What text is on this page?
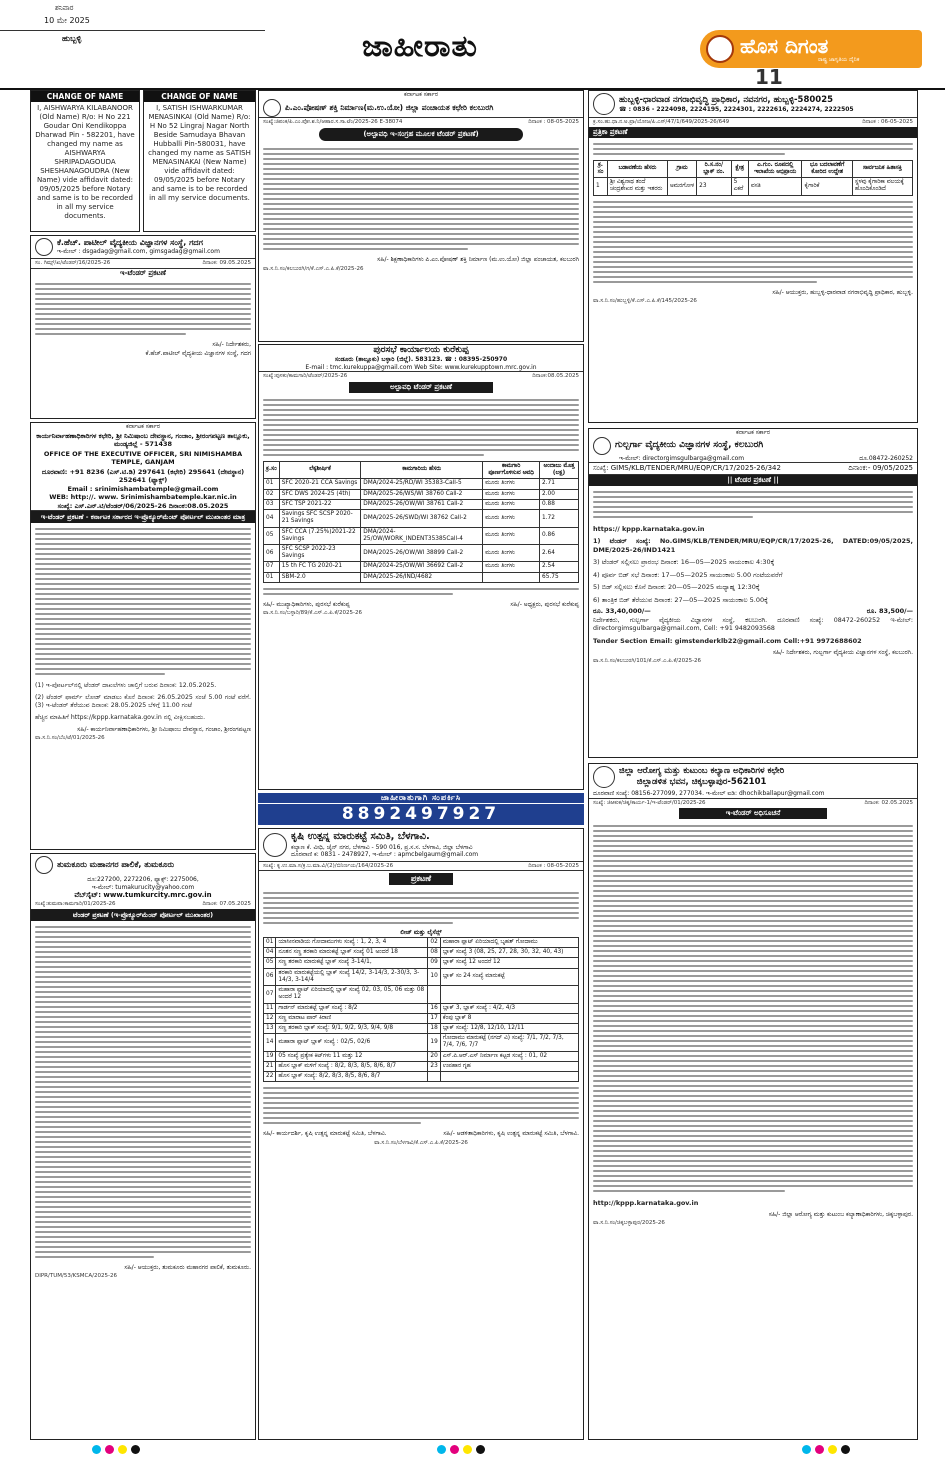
ಶನಿವಾರ
10 ಮೇ 2025
ಹುಬ್ಬಳ್ಳಿ	ಜಾಹೀರಾತು	ಹೊಸ ದಿಗಂತ
ರಾಷ್ಟ್ರ ಜಾಗೃತಿಯ ದೈನಿಕ
11
CHANGE OF NAME
I, AISHWARYA KILABANOOR (Old Name) R/o: H No 221 Goudar Oni Kendikoppa Dharwad Pin - 582201, have changed my name as AISHWARYA SHRIPADAGOUDA SHESHANAGOUDRA (New Name) vide affidavit dated: 09/05/2025 before Notary and same is to be recorded in all my service documents.
CHANGE OF NAME
I, SATISH ISHWARKUMAR MENASINKAI (Old Name) R/o: H No 52 Lingraj Nagar North Beside Samudaya Bhavan Hubballi Pin-580031, have changed my name as SATISH MENASINAKAI (New Name) vide affidavit dated: 09/05/2025 before Notary and same is to be recorded in all my service documents.
ಕೆ.ಹೆಚ್. ಪಾಟೀಲ್ ವೈದ್ಯಕೀಯ ವಿಜ್ಞಾನಗಳ ಸಂಸ್ಥೆ, ಗದಗ
ಇ-ಮೇಲ್ : dsgadag@gmail.com, gimsgadag@gmail.com
ಸಂ. ಗಿಮ್ಸ್/ಖ/ಟೆಂಡರ್/16/2025-26	ದಿನಾಂಕ: 09.05.2025
ಇ-ಟೆಂಡರ್ ಪ್ರಕಟಣೆ
ಸಹಿ/- ನಿರ್ದೇಶಕರು,
ಕೆ.ಹೆಚ್.ಪಾಟೀಲ್ ವೈದ್ಯಕೀಯ ವಿಜ್ಞಾನಗಳ ಸಂಸ್ಥೆ, ಗದಗ
ಕರ್ನಾಟಕ ಸರ್ಕಾರ
ಕಾರ್ಯನಿರ್ವಾಹಣಾಧಿಕಾರಿಗಳ ಕಛೇರಿ, ಶ್ರೀ ನಿಮಿಷಾಂಬ ದೇವಸ್ಥಾನ, ಗಂಜಾಂ, ಶ್ರೀರಂಗಪಟ್ಟಣ ತಾಲ್ಲೂಕು, ಮಂಡ್ಯಜಿಲ್ಲೆ - 571438
OFFICE OF THE EXECUTIVE OFFICER, SRI NIMISHAMBA TEMPLE, GANJAM
ದೂರವಾಣಿ: +91 8236 (ಎಸ್.ಟಿ.ಡಿ) 297641 (ಕಛೇರಿ) 295641 (ದೇವಸ್ಥಾನ) 252641 (ಫ್ಯಾಕ್ಸ್)
Email : srinimishambatemple@gmail.com
WEB: http://. www. Srinimishambatemple.kar.nic.in
ಸಂಖ್ಯೆ: ಎಸ್.ಎನ್.ಟಿ/ಟೆಂಡರ್/06/2025-26 ದಿನಾಂಕ:08.05.2025
ಇ-ಟೆಂಡರ್ ಪ್ರಕಟಣೆ - ಕರ್ನಾಟಕ ಸರ್ಕಾರದ ಇ-ಪ್ರೊಕ್ಯೂರ್‌ಮೆಂಟ್ ಪೋರ್ಟಲ್ ಮುಖಾಂತರ ಮಾತ್ರ
(1) ಇ-ಪೋರ್ಟಲ್‌ನಲ್ಲಿ ಟೆಂಡರ್ ದಾಖಲೆಗಳು ಚಾಲ್ತಿಗೆ ಬರುವ ದಿನಾಂಕ: 12.05.2025.
(2) ಟೆಂಡರ್ ಫಾರ್ಮ್ ಲೋಡ್ ಮಾಡಲು ಕೊನೆ ದಿನಾಂಕ: 26.05.2025 ಸಂಜೆ 5.00 ಗಂಟೆ ವರೆಗೆ. (3) ಇ-ಟೆಂಡರ್ ತೆರೆಯುವ ದಿನಾಂಕ: 28.05.2025 ಬೆಳಿಗ್ಗೆ 11.00 ಗಂಟೆ
ಹೆಚ್ಚಿನ ಮಾಹಿತಿಗೆ https://kppp.karnataka.gov.in ನಲ್ಲಿ ವೀಕ್ಷಿಸಬಹುದು.
ಸಹಿ/- ಕಾರ್ಯನಿರ್ವಾಹಣಾಧಿಕಾರಿಗಳು, ಶ್ರೀ ನಿಮಿಷಾಂಬ ದೇವಸ್ಥಾನ, ಗಂಜಾಂ, ಶ್ರೀರಂಗಪಟ್ಟಣ
ವಾ.ಸ.ನಿ.ಸಂ/ಬೆಂ/ಟೆ/01/2025-26
ತುಮಕೂರು ಮಹಾನಗರ ಪಾಲಿಕೆ, ತುಮಕೂರು
ದೂ:227200, 2272206, ಫ್ಯಾಕ್ಸ್: 2275006,
ಇ-ಮೇಲ್: tumakurucity@yahoo.com
ವೆಬ್‌ಸೈಟ್: www.tumkurcity.mrc.gov.in
ಸಂಖ್ಯೆ:ತುಮಪಾ:ಕಾಮಗಾರಿ/01/2025-26	ದಿನಾಂಕ: 07.05.2025
ಟೆಂಡರ್ ಪ್ರಕಟಣೆ (ಇ-ಪ್ರೊಕ್ಯೂರ್‌ಮೆಂಟ್ ಪೋರ್ಟಲ್ ಮುಖಾಂತರ)
ಸಹಿ/- ಆಯುಕ್ತರು, ತುಮಕೂರು ಮಹಾನಗರ ಪಾಲಿಕೆ, ತುಮಕೂರು.
DIPR/TUM/53/KSMCA/2025-26
ಕರ್ನಾಟಕ ಸರ್ಕಾರ
ಪಿ.ಎಂ.ಪೋಷಣ್ ಶಕ್ತಿ ನಿರ್ಮಾಣ(ಮ.ಉ.ಯೋ) ಜಿಲ್ಲಾ ಪಂಚಾಯತ ಕಛೇರಿ ಕಲಬುರಗಿ
ಸಂಖ್ಯೆ:ಜಿಪಂಕ/ಪಿ.ಎಂ.ಪೋ.ಶ.ನಿ/ಆಹಾರ.ಸ.ಸಾ.ಟೆಂ/2025-26 E-38074	ದಿನಾಂಕ : 08-05-2025
(ಅಲ್ಪಾವಧಿ ಇ-ಸಂಗ್ರಹ ಮೂಲಕ ಟೆಂಡರ್ ಪ್ರಕಟಣೆ)
ಸಹಿ/- ಶಿಕ್ಷಣಾಧಿಕಾರಿಗಳು ಪಿ.ಎಂ.ಪೋಷಣ್ ಶಕ್ತಿ ನಿರ್ಮಾಣ (ಮ.ಉ.ಯೋ) ಜಿಲ್ಲಾ ಪಂಚಾಯತ, ಕಲಬುರಗಿ
ವಾ.ಸ.ನಿ.ಸಂ/ಕಲಬುರಗಿ/ಗ/ಕೆ.ಎಸ್.ಎ.ಪಿ.ಕೆ/2025-26
ಪುರಸಭೆ ಕಾರ್ಯಾಲಯ ಕುರೆಕುಪ್ಪ
ಸಂಡೂರು (ತಾಲ್ಲೂಕು) ಬಳ್ಳಾರಿ (ಜಿಲ್ಲೆ). 583123. ☎ : 08395-250970
E-mail : tmc.kurekuppa@gmail.com Web Site: www.kurekupptown.mrc.gov.in
ಸಂಖ್ಯೆ:ಪುಸಕು/ಕಾಮಗಾರಿ/ಟೆಂಡರ್/2025-26	ದಿನಾಂಕ:08.05.2025
ಅಲ್ಪಾವಧಿ ಟೆಂಡರ್ ಪ್ರಕಟಣೆ
ಕ್ರ.ಸಂ	ಲೆಕ್ಕಶೀರ್ಷಿಕೆ	ಕಾಮಗಾರಿಯ ಹೆಸರು	ಕಾಮಗಾರಿ ಪೂರ್ಣಗೊಳಿಸುವ ಅವಧಿ	ಅಂದಾಜು ಮೊತ್ತ (ಲಕ್ಷ)
01	SFC 2020-21 CCA Savings	DMA/2024-25/RD/WI 35383-Call-5	ಮೂರು ತಿಂಗಳು	2.71
02	SFC DWS 2024-25 (4th)	DMA/2025-26/WS/WI 38760 Call-2	ಮೂರು ತಿಂಗಳು	2.00
03	SFC TSP 2021-22	DMA/2025-26/OW/WI 38761 Call-2	ಮೂರು ತಿಂಗಳು	0.88
04	Savings SFC SCSP 2020-21 Savings	DMA/2025-26/SWD/WI 38762 Call-2	ಮೂರು ತಿಂಗಳು	1.72
05	SFC CCA (7.25%)2021-22 Savings	DMA/2024-25/OW/WORK_INDENT35385Call-4	ಮೂರು ತಿಂಗಳು	0.86
06	SFC SCSP 2022-23 Savings	DMA/2025-26/OW/WI 38899 Call-2	ಮೂರು ತಿಂಗಳು	2.64
07	15 th FC TG 2020-21	DMA/2024-25/OW/WI 36692 Call-2	ಮೂರು ತಿಂಗಳು	2.54
01	SBM-2.0	DMA/2025-26/IND/4682		65.75
ಸಹಿ/- ಮುಖ್ಯಾಧಿಕಾರಿಗಳು, ಪುರಸಭೆ ಕುರೆಕುಪ್ಪ	ಸಹಿ/- ಅಧ್ಯಕ್ಷರು, ಪುರಸಭೆ ಕುರೆಕುಪ್ಪ
ವಾ.ಸ.ನಿ.ಸಂ/ಬಳ್ಳಾರಿ/89/ಕೆ.ಎಸ್.ಎ.ಪಿ.ಕೆ/2025-26
ಜಾಹೀರಾತುಗಾಗಿ ಸಂಪರ್ಕಿಸಿ
8892497927
ಕೃಷಿ ಉತ್ಪನ್ನ ಮಾರುಕಟ್ಟೆ ಸಮಿತಿ, ಬೆಳಗಾವಿ.
ಕಲ್ಯಾಣ ಕೆ. ವೀಧಿ, ಜೈನ್ ನಗರ, ಬೆಳಗಾವಿ - 590 016, ಪ್ರ.ಸ.ಸ. ಬೆಳಗಾವಿ, ಜಿಲ್ಲಾ ಬೆಳಗಾವಿ
ದೂರವಾಣಿ ಕ: 0831 - 2478927, ಇ-ಮೇಲ್ : apmcbelgaum@gmail.com
ಸಂಖ್ಯೆ: ಕೃ.ಉ.ಮಾ.ಸ/ಕ್ರ.ಬ.ಮಾ.ವಿ/(2)/ಬಿನಿರ್ಣಯ/164/2025-26	ದಿನಾಂಕ : 08-05-2025
ಪ್ರಕಟಣೆ
ಲೀಜ್ ಮತ್ತು ಲೈಸೆನ್ಸ್
01	ಯಾಸೀನವಾಡಿಯ ಗೋದಾಮುಗಳು ಸಂಖ್ಯೆ : 1, 2, 3, 4	02	ಮಹಾರಾ ಪ್ಲಾಟ್ ಏರಿಯಾದಲ್ಲಿ ಬೃಹತ್ ಗೋದಾಮು
04	ನೂತನ ಸಣ್ಣ ತರಕಾರಿ ಮಾರುಕಟ್ಟೆ ಬ್ಲಾಕ್ ಸಂಖ್ಯೆ 01 ಅಂದರೆ 18	08	ಬ್ಲಾಕ್ ಸಂಖ್ಯೆ 3 (08, 25, 27, 28, 30, 32, 40, 43)
05	ಸಣ್ಣ ತರಕಾರಿ ಮಾರುಕಟ್ಟೆ ಬ್ಲಾಕ್ ಸಂಖ್ಯೆ 3-14/1,	09	ಬ್ಲಾಕ್ ಸಂಖ್ಯೆ 12 ಅಂದರೆ 12
06	ತರಕಾರಿ ಮಾರುಕಟ್ಟೆಯಲ್ಲಿ ಬ್ಲಾಕ್ ಸಂಖ್ಯೆ 14/2, 3-14/3, 2-30/3, 3-14/3, 3-14/4	10	ಬ್ಲಾಕ್ ಸಂ 24 ಸಂಖ್ಯೆ ಮಾರುಕಟ್ಟೆ
07	ಮಹಾರಾ ಪ್ಲಾಟ್ ಏರಿಯಾದಲ್ಲಿ ಬ್ಲಾಕ್ ಸಂಖ್ಯೆ 02, 03, 05, 06 ಮತ್ತು 08 ಅಂದರೆ 12		
11	ಗಾರ್ಡನ್ ಮಾರುಕಟ್ಟೆ ಬ್ಲಾಕ್ ಸಂಖ್ಯೆ : 8/2	16	ಬ್ಲಾಕ್ 3, ಬ್ಲಾಕ್ ಸಂಖ್ಯೆ : 4/2, 4/3
12	ಸಣ್ಣ ಮಾರಾಟ ಪಾರ್ ಕಿರಾಣಿ	17	ಕೆಂಪು ಬ್ಲಾಕ್ 8
13	ಸಣ್ಣ ತರಕಾರಿ ಬ್ಲಾಕ್ ಸಂಖ್ಯೆ: 9/1, 9/2, 9/3, 9/4, 9/8	18	ಬ್ಲಾಕ್ ಸಂಖ್ಯೆ: 12/8, 12/10, 12/11
14	ಮಹಾರಾ ಪ್ಲಾಟ್ ಬ್ಲಾಕ್ ಸಂಖ್ಯೆ : 02/5, 02/6	19	ಗೋದಾಮು ಮಾರುಕಟ್ಟೆ (ನಗದ್ ವಿ) ಸಂಖ್ಯೆ: 7/1, 7/2, 7/3, 7/4, 7/6, 7/7
19	05 ಸಂಖ್ಯೆ ಪ್ರತ್ಯೇಕ ಕಿಟ್‌ಗಳು 11 ಮತ್ತು 12	20	ಎಸ್.ಪಿ.ಆರ್.ಎಸ್ ನಿರ್ಮಾಣ ಕಟ್ಟಡ ಸಂಖ್ಯೆ : 01, 02
21	ಹೊಸ ಬ್ಲಾಕ್ ಮಳಿಗೆ ಸಂಖ್ಯೆ : 8/2, 8/3, 8/5, 8/6, 8/7	23	ಉಪಹಾರ ಗೃಹ
22	ಹೊಸ ಬ್ಲಾಕ್ ಸಂಖ್ಯೆ: 8/2, 8/3, 8/5, 8/6, 8/7		
ಸಹಿ/- ಕಾರ್ಯದರ್ಶಿ, ಕೃಷಿ ಉತ್ಪನ್ನ ಮಾರುಕಟ್ಟೆ ಸಮಿತಿ, ಬೆಳಗಾವಿ.	ಸಹಿ/- ಆಡಳಿತಾಧಿಕಾರಿಗಳು, ಕೃಷಿ ಉತ್ಪನ್ನ ಮಾರುಕಟ್ಟೆ ಸಮಿತಿ, ಬೆಳಗಾವಿ.
ವಾ.ಸ.ನಿ.ಸಂ/ಬೆಳಗಾವಿ/ಕೆ.ಎಸ್.ಎ.ಪಿ.ಕೆ/2025-26
ಹುಬ್ಬಳ್ಳಿ-ಧಾರವಾಡ ನಗರಾಭಿವೃದ್ಧಿ ಪ್ರಾಧಿಕಾರ, ನವನಗರ, ಹುಬ್ಬಳ್ಳಿ-580025
☎ : 0836 - 2224098, 2224195, 2224301, 2222616, 2224274, 2222505
ಕ್ರ.ಸಂ.ಹು.ಧಾ.ನ.ಅ.ಪ್ರಾ/ಯೋಜ/ಪಿ.ಎಸ್/47/1/649/2025-26/649	ದಿನಾಂಕ : 06-05-2025
ಪ್ರತ್ರಿಕಾ ಪ್ರಕಟಣೆ
ಕ್ರ. ಸಂ	ಬಡಾವಣೆಯ ಹೆಸರು	ಗ್ರಾಮ	ರಿ.ಸ.ನಂ/ ಬ್ಲಾಕ್ ನಂ.	ಕ್ಷೇತ್ರ	ಎ.ಗುಂ. ರೂಪದಲ್ಲಿ ಇಲಾಖೆಯ ಅಭಿಪ್ರಾಯ	ಭೂ ಬದಲಾವಣೆಗೆ ಕೋರಿದ ಉದ್ದೇಶ	ಸಾರ್ವಜನಿಕ ಹಿತಾಸಕ್ತಿ
1	ಶ್ರೀ ವಿಶ್ವನಾಥ ತಂದೆ ಚಂದ್ರಶೇಖರ ಮತ್ತು ಇತರರು	ಅಮರಗೋಳ	23	5 ಎಕರೆ	ವಸತಿ	ಕೈಗಾರಿಕೆ	ಸ್ಥಳವು ಕೈಗಾರಿಕಾ ವಲಯಕ್ಕೆ ಹೊಂದಿಕೊಂಡಿದೆ
ಸಹಿ/- ಆಯುಕ್ತರು, ಹುಬ್ಬಳ್ಳಿ-ಧಾರವಾಡ ನಗರಾಭಿವೃದ್ಧಿ ಪ್ರಾಧಿಕಾರ, ಹುಬ್ಬಳ್ಳಿ.
ವಾ.ಸ.ನಿ.ಸಂ/ಹುಬ್ಬಳ್ಳಿ/ಕೆ.ಎಸ್.ಎ.ಪಿ.ಕೆ/145/2025-26
ಕರ್ನಾಟಕ ಸರ್ಕಾರ
ಗುಲ್ಬರ್ಗಾ ವೈದ್ಯಕೀಯ ವಿಜ್ಞಾನಗಳ ಸಂಸ್ಥೆ, ಕಲಬುರಗಿ
ಇ-ಮೇಲ್: directorgimsgulbarga@gmail.com	ದೂ.08472-260252
ಸಂಖ್ಯೆ: GIMS/KLB/TENDER/MRU/EQP/CR/17/2025-26/342	ದಿನಾಂಕ:- 09/05/2025
|| ಟೆಂಡರ ಪ್ರಕಟಣೆ ||
https:// kppp.karnataka.gov.in
1) ಟೆಂಡರ್ ಸಂಖ್ಯೆ: No.GIMS/KLB/TENDER/MRU/EQP/CR/17/2025-26, DATED:09/05/2025, DME/2025-26/IND1421
3) ಟೆಂಡರ್ ಸಲ್ಲಿಸಲು ಪ್ರಾರಂಭ ದಿನಾಂಕ: 16—05—2025 ಸಾಯಂಕಾಲ 4:30ಕ್ಕೆ
4) ಪೂರ್ವ ಬಿಡ್ ಸಭೆ ದಿನಾಂಕ: 17—05—2025 ಸಾಯಂಕಾಲ 5.00 ಗಂಟೆಯವರೆಗೆ
5) ಬಿಡ್ ಸಲ್ಲಿಸಲು ಕೊನೆ ದಿನಾಂಕ: 20—05—2025 ಮಧ್ಯಾಹ್ನ 12:30ಕ್ಕೆ
6) ತಾಂತ್ರಿಕ ಬಿಡ್ ತೆರೆಯುವ ದಿನಾಂಕ: 27—05—2025 ಸಾಯಂಕಾಲ 5.00ಕ್ಕೆ
ರೂ. 33,40,000/—	ರೂ. 83,500/—
ನಿರ್ದೇಶಕರು, ಗುಲ್ಬರ್ಗಾ ವೈದ್ಯಕೀಯ ವಿಜ್ಞಾನಗಳ ಸಂಸ್ಥೆ, ಕಲಬುರಗಿ. ದೂರವಾಣಿ ಸಂಖ್ಯೆ: 08472-260252 ಇ-ಮೇಲ್: directorgimsgulbarga@gmail.com, Cell: +91 9482093568
Tender Section Email: gimstenderklb22@gmail.com Cell:+91 9972688602
ಸಹಿ/- ನಿರ್ದೇಶಕರು, ಗುಲ್ಬರ್ಗಾ ವೈದ್ಯಕೀಯ ವಿಜ್ಞಾನಗಳ ಸಂಸ್ಥೆ, ಕಲಬುರಗಿ.
ವಾ.ಸ.ನಿ.ಸಂ/ಕಲಬುರಗಿ/101/ಕೆ.ಎಸ್.ಎ.ಪಿ.ಕೆ/2025-26
ಜಿಲ್ಲಾ ಆರೋಗ್ಯ ಮತ್ತು ಕುಟುಂಬ ಕಲ್ಯಾಣ ಅಧಿಕಾರಿಗಳ ಕಛೇರಿ
ಜಿಲ್ಲಾಡಳಿತ ಭವನ, ಚಿಕ್ಕಬಳ್ಳಾಪುರ-562101
ದೂರವಾಣಿ ಸಂಖ್ಯೆ: 08156-277099, 277034. ಇ-ಮೇಲ್ ಐಡಿ: dhochikballapur@gmail.com
ಸಂಖ್ಯೆ: ಜಿಆಕುಕ/ಚಿಕ್ಕ/ಕಾರ್ಯ-1/ಇ-ಟೆಂಡರ್/01/2025-26	ದಿನಾಂಕ: 02.05.2025
ಇ-ಟೆಂಡರ್ ಅಧಿಸೂಚನೆ
http://kppp.karnataka.gov.in
ಸಹಿ/- ಜಿಲ್ಲಾ ಆರೋಗ್ಯ ಮತ್ತು ಕುಟುಂಬ ಕಲ್ಯಾಣಾಧಿಕಾರಿಗಳು, ಚಿಕ್ಕಬಳ್ಳಾಪುರ.
ವಾ.ಸ.ನಿ.ಸಂ/ಚಿಕ್ಕಬಳ್ಳಾಪುರ/2025-26
